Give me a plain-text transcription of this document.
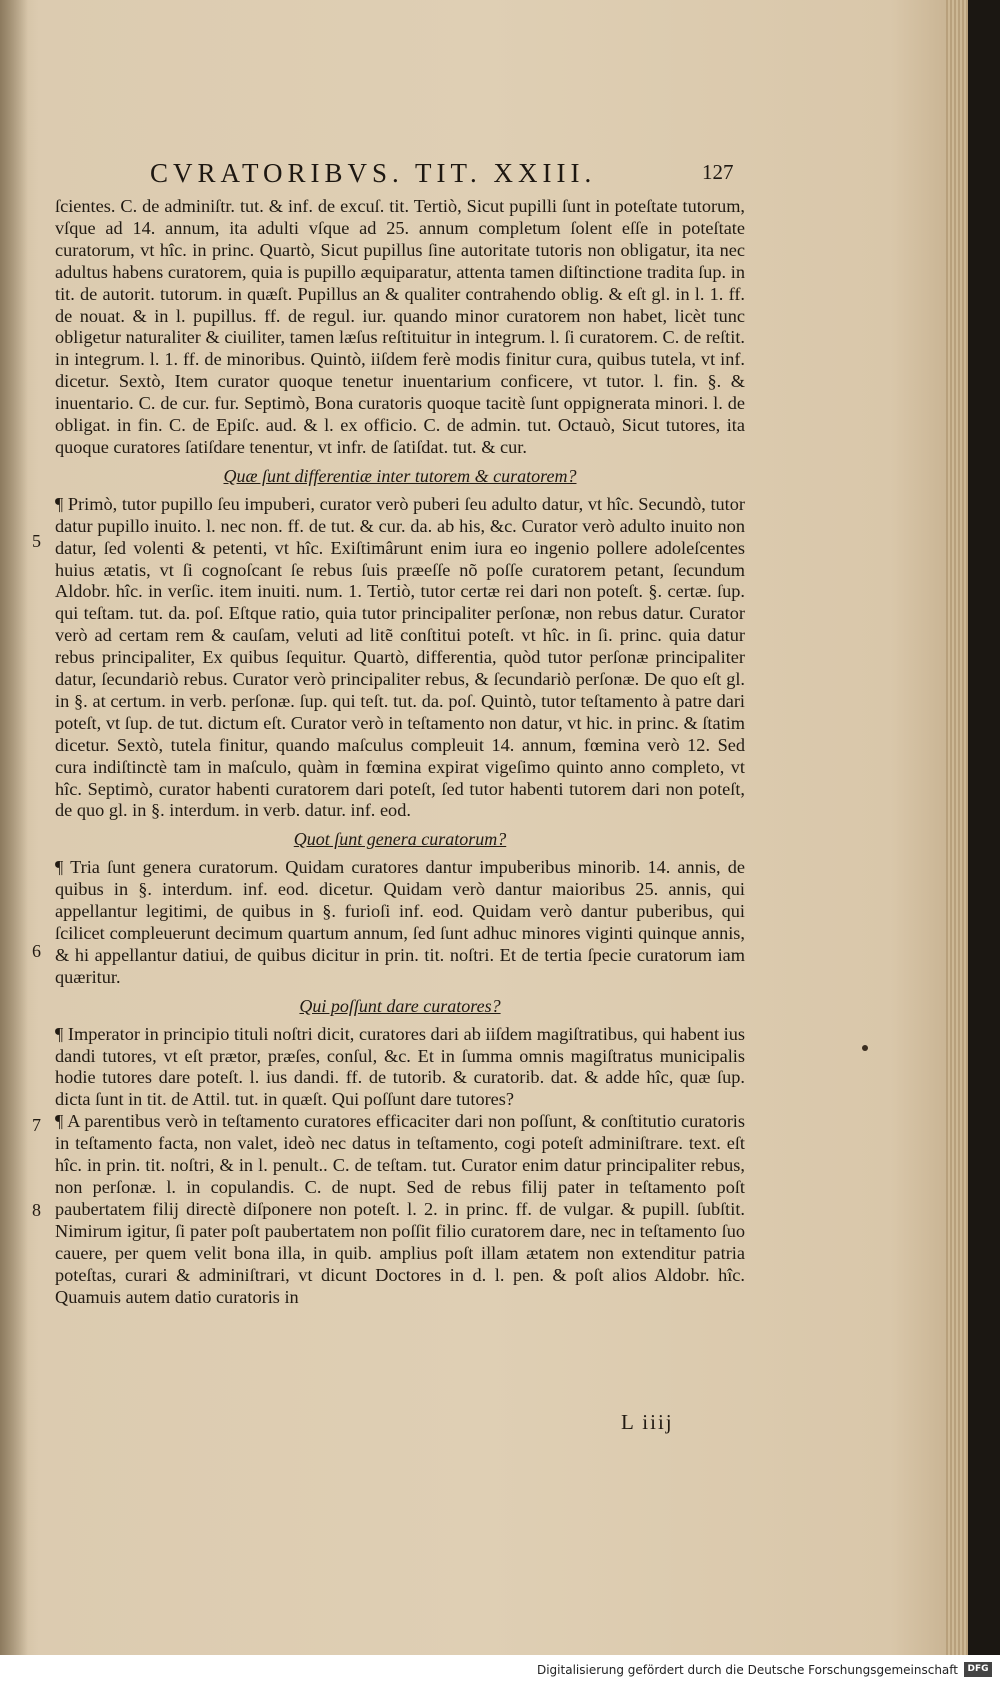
CVRATORIBVS. TIT. XXIII.	127

ſcientes. C. de adminiſtr. tut. & inf. de excuſ. tit. Tertiò, Sicut pupilli ſunt in poteſtate tutorum, vſque ad 14. annum, ita adulti vſque ad 25. annum completum ſolent eſſe in poteſtate curatorum, vt hîc. in princ. Quartò, Sicut pupillus ſine autoritate tutoris non obligatur, ita nec adultus habens curatorem, quia is pupillo æquiparatur, attenta tamen diſtinctione tradita ſup. in tit. de autorit. tutorum. in quæſt. Pupillus an & qualiter contrahendo oblig. & eſt gl. in l. 1. ff. de nouat. & in l. pupillus. ff. de regul. iur. quando minor curatorem non habet, licèt tunc obligetur naturaliter & ciuiliter, tamen læſus reſtituitur in integrum. l. ſi curatorem. C. de reſtit. in integrum. l. 1. ff. de minoribus. Quintò, iiſdem ferè modis finitur cura, quibus tutela, vt inf. dicetur. Sextò, Item curator quoque tenetur inuentarium conficere, vt tutor. l. fin. §. & inuentario. C. de cur. fur. Septimò, Bona curatoris quoque tacitè ſunt oppignerata minori. l. de obligat. in fin. C. de Epiſc. aud. & l. ex officio. C. de admin. tut. Octauò, Sicut tutores, ita quoque curatores ſatiſdare tenentur, vt infr. de ſatiſdat. tut. & cur.

Quæ ſunt differentiæ inter tutorem & curatorem?

¶ Primò, tutor pupillo ſeu impuberi, curator verò puberi ſeu adulto datur, vt hîc. Secundò, tutor datur pupillo inuito. l. nec non. ff. de tut. & cur. da. ab his, &c. Curator verò adulto inuito non datur, ſed volenti & petenti, vt hîc. Exiſtimârunt enim iura eo ingenio pollere adoleſcentes huius ætatis, vt ſi cognoſcant ſe rebus ſuis præeſſe nõ poſſe curatorem petant, ſecundum Aldobr. hîc. in verſic. item inuiti. num. 1. Tertiò, tutor certæ rei dari non poteſt. §. certæ. ſup. qui teſtam. tut. da. poſ. Eſtque ratio, quia tutor principaliter perſonæ, non rebus datur. Curator verò ad certam rem & cauſam, veluti ad litẽ conſtitui poteſt. vt hîc. in ſi. princ. quia datur rebus principaliter, Ex quibus ſequitur. Quartò, differentia, quòd tutor perſonæ principaliter datur, ſecundariò rebus. Curator verò principaliter rebus, & ſecundariò perſonæ. De quo eſt gl. in §. at certum. in verb. perſonæ. ſup. qui teſt. tut. da. poſ. Quintò, tutor teſtamento à patre dari poteſt, vt ſup. de tut. dictum eſt. Curator verò in teſtamento non datur, vt hic. in princ. & ſtatim dicetur. Sextò, tutela finitur, quando maſculus compleuit 14. annum, fœmina verò 12. Sed cura indiſtinctè tam in maſculo, quàm in fœmina expirat vigeſimo quinto anno completo, vt hîc. Septimò, curator habenti curatorem dari poteſt, ſed tutor habenti tutorem dari non poteſt, de quo gl. in §. interdum. in verb. datur. inf. eod.

Quot ſunt genera curatorum?

¶ Tria ſunt genera curatorum. Quidam curatores dantur impuberibus minorib. 14. annis, de quibus in §. interdum. inf. eod. dicetur. Quidam verò dantur maioribus 25. annis, qui appellantur legitimi, de quibus in §. furioſi inf. eod. Quidam verò dantur puberibus, qui ſcilicet compleuerunt decimum quartum annum, ſed ſunt adhuc minores viginti quinque annis, & hi appellantur datiui, de quibus dicitur in prin. tit. noſtri. Et de tertia ſpecie curatorum iam quæritur.

Qui poſſunt dare curatores?

¶ Imperator in principio tituli noſtri dicit, curatores dari ab iiſdem magiſtratibus, qui habent ius dandi tutores, vt eſt prætor, præſes, conſul, &c. Et in ſumma omnis magiſtratus municipalis hodie tutores dare poteſt. l. ius dandi. ff. de tutorib. & curatorib. dat. & adde hîc, quæ ſup. dicta ſunt in tit. de Attil. tut. in quæſt. Qui poſſunt dare tutores?

¶ A parentibus verò in teſtamento curatores efficaciter dari non poſſunt, & conſtitutio curatoris in teſtamento facta, non valet, ideò nec datus in teſtamento, cogi poteſt adminiſtrare. text. eſt hîc. in prin. tit. noſtri, & in l. penult.. C. de teſtam. tut. Curator enim datur principaliter rebus, non perſonæ. l. in copulandis. C. de nupt. Sed de rebus filij pater in teſtamento poſt paubertatem filij directè diſponere non poteſt. l. 2. in princ. ff. de vulgar. & pupill. ſubſtit. Nimirum igitur, ſi pater poſt paubertatem non poſſit filio curatorem dare, nec in teſtamento ſuo cauere, per quem velit bona illa, in quib. amplius poſt illam ætatem non extenditur patria poteſtas, curari & adminiſtrari, vt dicunt Doctores in d. l. pen. & poſt alios Aldobr. hîc. Quamuis autem datio curatoris in

5
6
7
8
L iiij
Digitalisierung gefördert durch die Deutsche Forschungsgemeinschaft	DFG
